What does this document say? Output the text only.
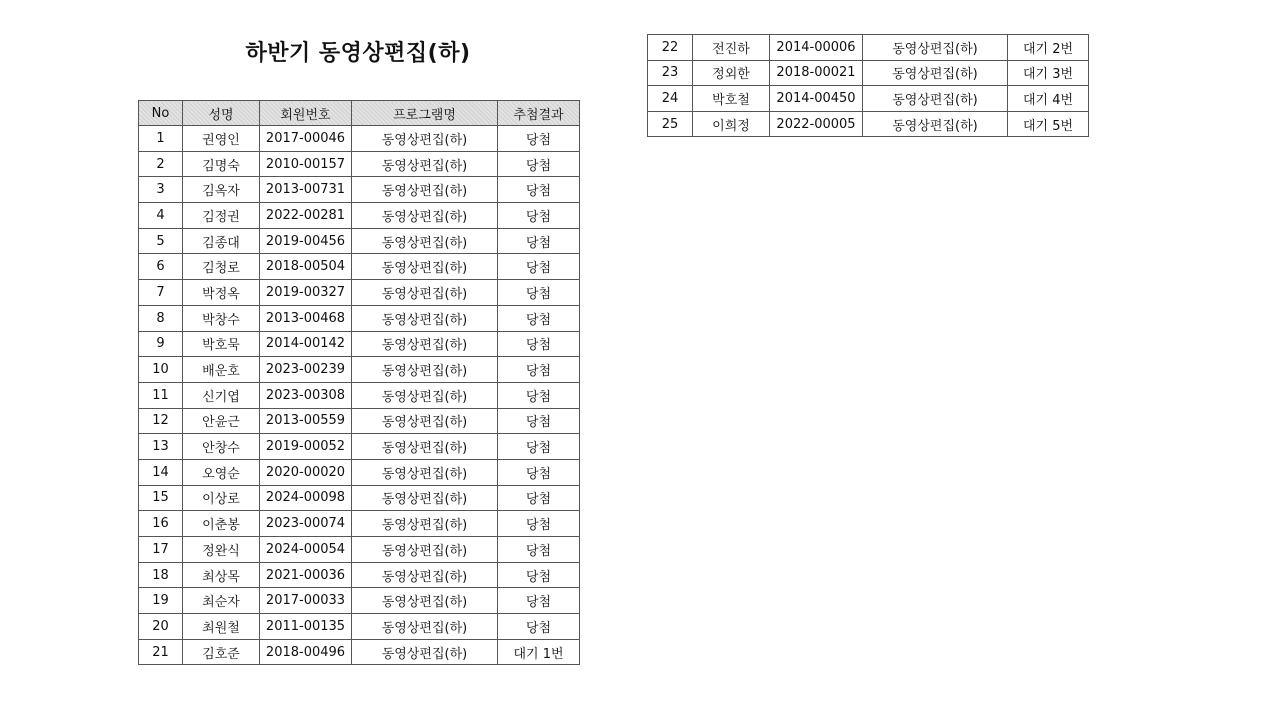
하반기 동영상편집(하)
No	성명	회원번호	프로그램명	추첨결과
1	권영인	2017-00046	동영상편집(하)	당첨
2	김명숙	2010-00157	동영상편집(하)	당첨
3	김옥자	2013-00731	동영상편집(하)	당첨
4	김정권	2022-00281	동영상편집(하)	당첨
5	김종대	2019-00456	동영상편집(하)	당첨
6	김청로	2018-00504	동영상편집(하)	당첨
7	박정옥	2019-00327	동영상편집(하)	당첨
8	박창수	2013-00468	동영상편집(하)	당첨
9	박호묵	2014-00142	동영상편집(하)	당첨
10	배운호	2023-00239	동영상편집(하)	당첨
11	신기엽	2023-00308	동영상편집(하)	당첨
12	안윤근	2013-00559	동영상편집(하)	당첨
13	안창수	2019-00052	동영상편집(하)	당첨
14	오영순	2020-00020	동영상편집(하)	당첨
15	이상로	2024-00098	동영상편집(하)	당첨
16	이춘봉	2023-00074	동영상편집(하)	당첨
17	정완식	2024-00054	동영상편집(하)	당첨
18	최상목	2021-00036	동영상편집(하)	당첨
19	최순자	2017-00033	동영상편집(하)	당첨
20	최원철	2011-00135	동영상편집(하)	당첨
21	김호준	2018-00496	동영상편집(하)	대기 1번
22	전진하	2014-00006	동영상편집(하)	대기 2번
23	정외한	2018-00021	동영상편집(하)	대기 3번
24	박호철	2014-00450	동영상편집(하)	대기 4번
25	이희정	2022-00005	동영상편집(하)	대기 5번
